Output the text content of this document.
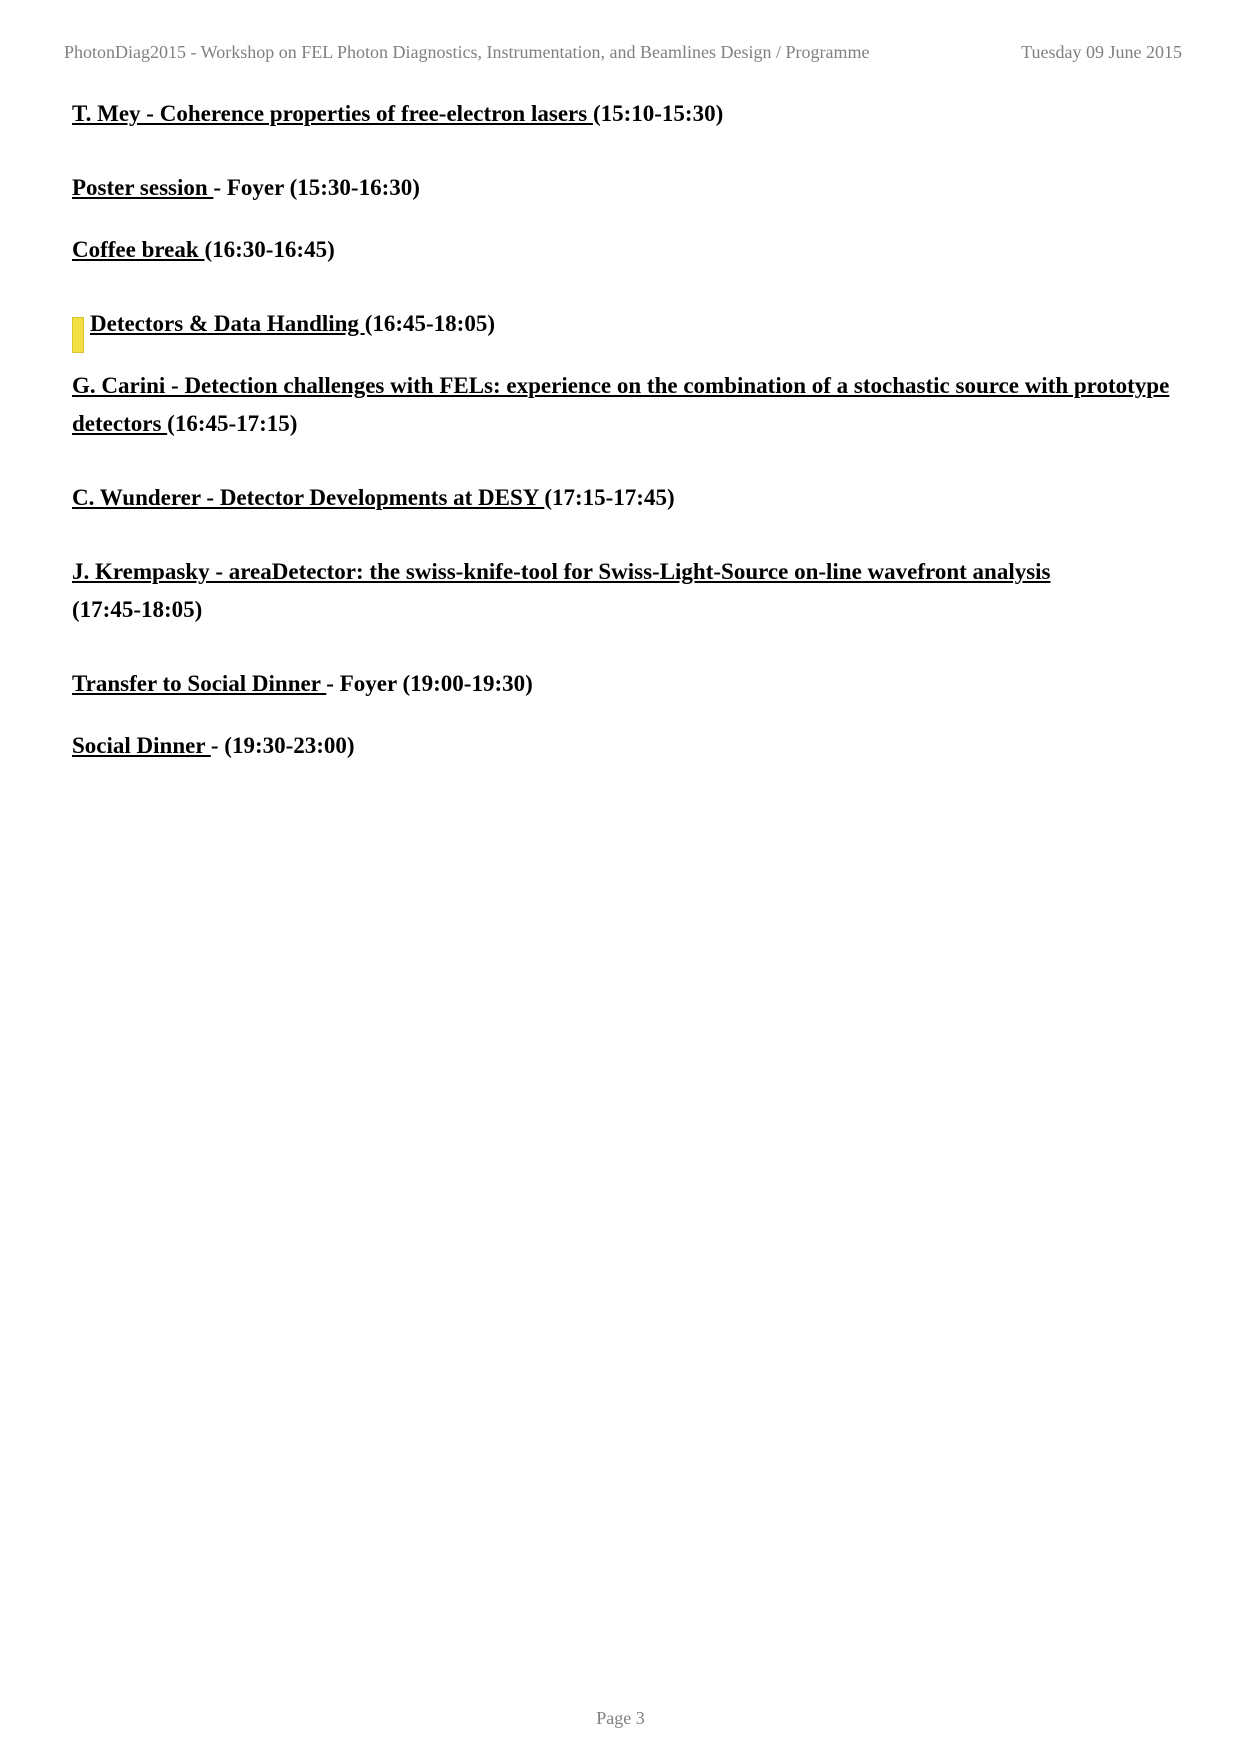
PhotonDiag2015 - Workshop on FEL Photon Diagnostics, Instrumentation, and Beamlines Design / Programme	Tuesday 09 June 2015
T. Mey - Coherence properties of free-electron lasers (15:10-15:30)
Poster session - Foyer (15:30-16:30)
Coffee break (16:30-16:45)
Detectors & Data Handling (16:45-18:05)
G. Carini - Detection challenges with FELs: experience on the combination of a stochastic source with prototype detectors (16:45-17:15)
C. Wunderer - Detector Developments at DESY (17:15-17:45)
J. Krempasky - areaDetector: the swiss-knife-tool for Swiss-Light-Source on-line wavefront analysis
(17:45-18:05)
Transfer to Social Dinner - Foyer (19:00-19:30)
Social Dinner - (19:30-23:00)
Page 3
